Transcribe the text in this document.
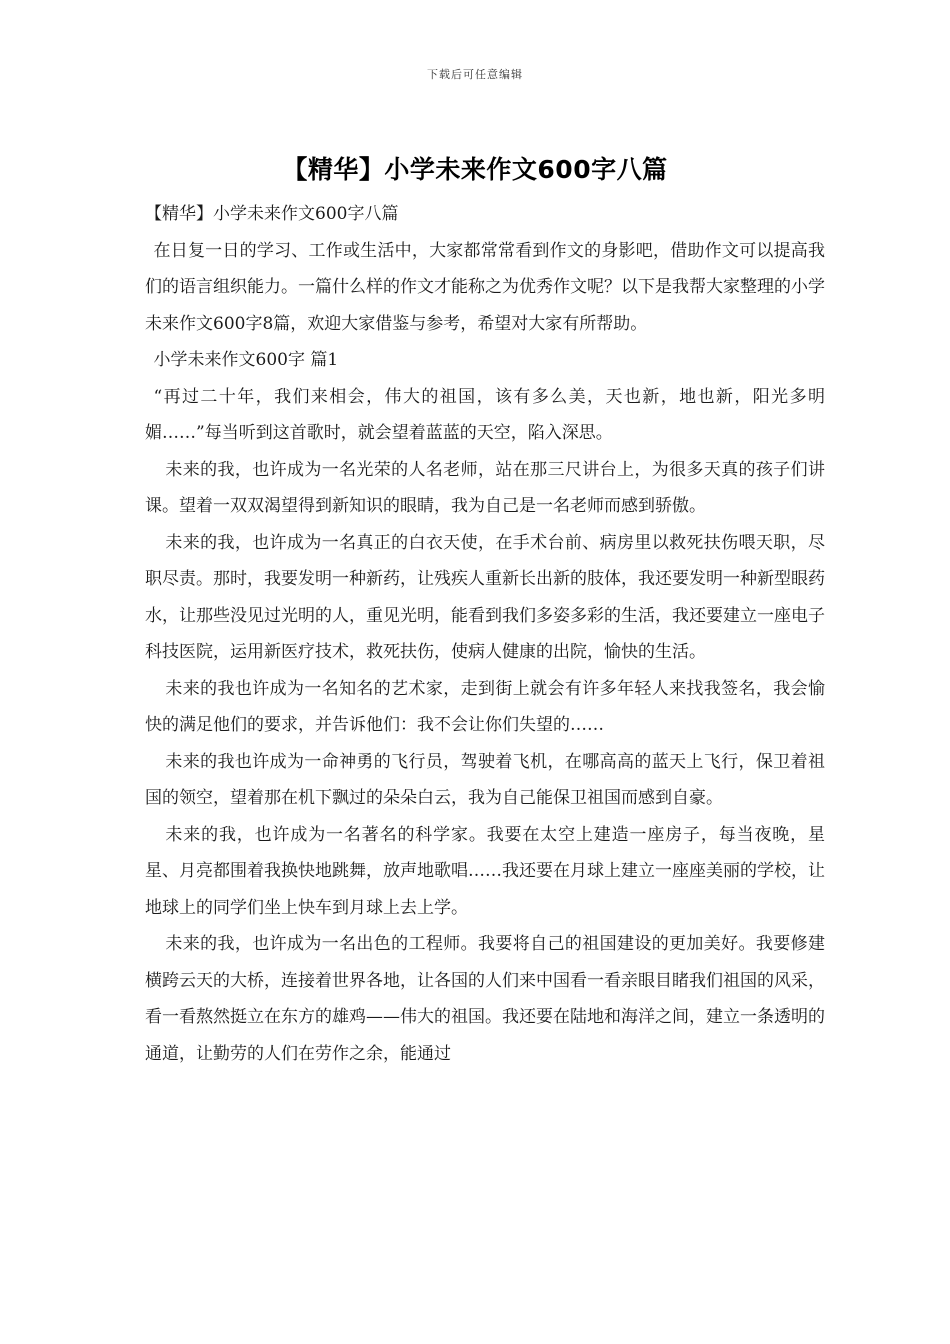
下载后可任意编辑
【精华】小学未来作文600字八篇

【精华】小学未来作文600字八篇

在日复一日的学习、工作或生活中，大家都常常看到作文的身影吧，借助作文可以提高我们的语言组织能力。一篇什么样的作文才能称之为优秀作文呢？以下是我帮大家整理的小学未来作文600字8篇，欢迎大家借鉴与参考，希望对大家有所帮助。

小学未来作文600字 篇1

“再过二十年，我们来相会，伟大的祖国，该有多么美，天也新，地也新，阳光多明媚……”每当听到这首歌时，就会望着蓝蓝的天空，陷入深思。

未来的我，也许成为一名光荣的人名老师，站在那三尺讲台上，为很多天真的孩子们讲课。望着一双双渴望得到新知识的眼睛，我为自己是一名老师而感到骄傲。

未来的我，也许成为一名真正的白衣天使，在手术台前、病房里以救死扶伤喂天职，尽职尽责。那时，我要发明一种新药，让残疾人重新长出新的肢体，我还要发明一种新型眼药水，让那些没见过光明的人，重见光明，能看到我们多姿多彩的生活，我还要建立一座电子科技医院，运用新医疗技术，救死扶伤，使病人健康的出院，愉快的生活。

未来的我也许成为一名知名的艺术家，走到街上就会有许多年轻人来找我签名，我会愉快的满足他们的要求，并告诉他们：我不会让你们失望的……

未来的我也许成为一命神勇的飞行员，驾驶着飞机，在哪高高的蓝天上飞行，保卫着祖国的领空，望着那在机下飘过的朵朵白云，我为自己能保卫祖国而感到自豪。

未来的我，也许成为一名著名的科学家。我要在太空上建造一座房子，每当夜晚，星星、月亮都围着我换快地跳舞，放声地歌唱……我还要在月球上建立一座座美丽的学校，让地球上的同学们坐上快车到月球上去上学。

未来的我，也许成为一名出色的工程师。我要将自己的祖国建设的更加美好。我要修建横跨云天的大桥，连接着世界各地，让各国的人们来中国看一看亲眼目睹我们祖国的风采，看一看熬然挺立在东方的雄鸡——伟大的祖国。我还要在陆地和海洋之间，建立一条透明的通道，让勤劳的人们在劳作之余，能通过
